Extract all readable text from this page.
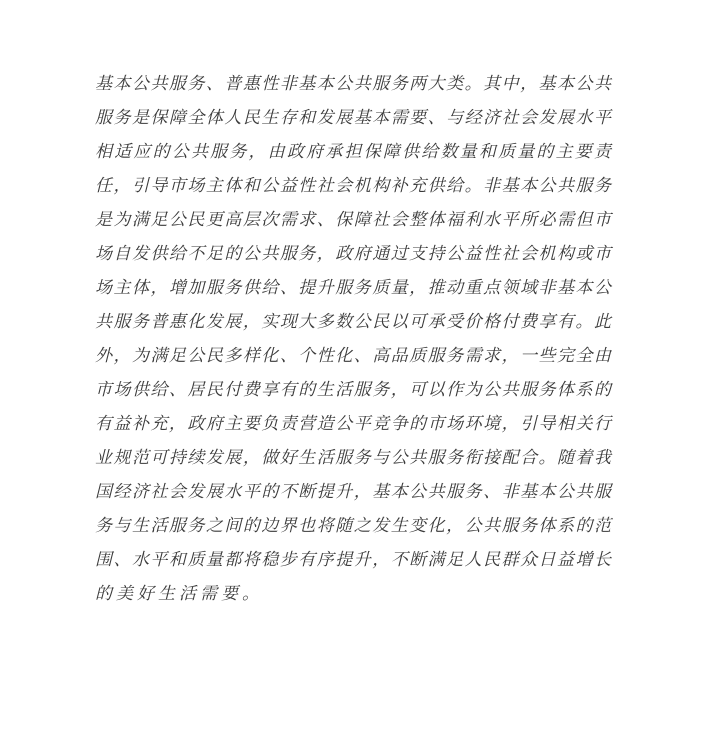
基本公共服务、普惠性非基本公共服务两大类。其中，基本公共
服务是保障全体人民生存和发展基本需要、与经济社会发展水平
相适应的公共服务，由政府承担保障供给数量和质量的主要责
任，引导市场主体和公益性社会机构补充供给。非基本公共服务
是为满足公民更高层次需求、保障社会整体福利水平所必需但市
场自发供给不足的公共服务，政府通过支持公益性社会机构或市
场主体，增加服务供给、提升服务质量，推动重点领域非基本公
共服务普惠化发展，实现大多数公民以可承受价格付费享有。此
外，为满足公民多样化、个性化、高品质服务需求，一些完全由
市场供给、居民付费享有的生活服务，可以作为公共服务体系的
有益补充，政府主要负责营造公平竞争的市场环境，引导相关行
业规范可持续发展，做好生活服务与公共服务衔接配合。随着我
国经济社会发展水平的不断提升，基本公共服务、非基本公共服
务与生活服务之间的边界也将随之发生变化，公共服务体系的范
围、水平和质量都将稳步有序提升，不断满足人民群众日益增长
的美好生活需要。
